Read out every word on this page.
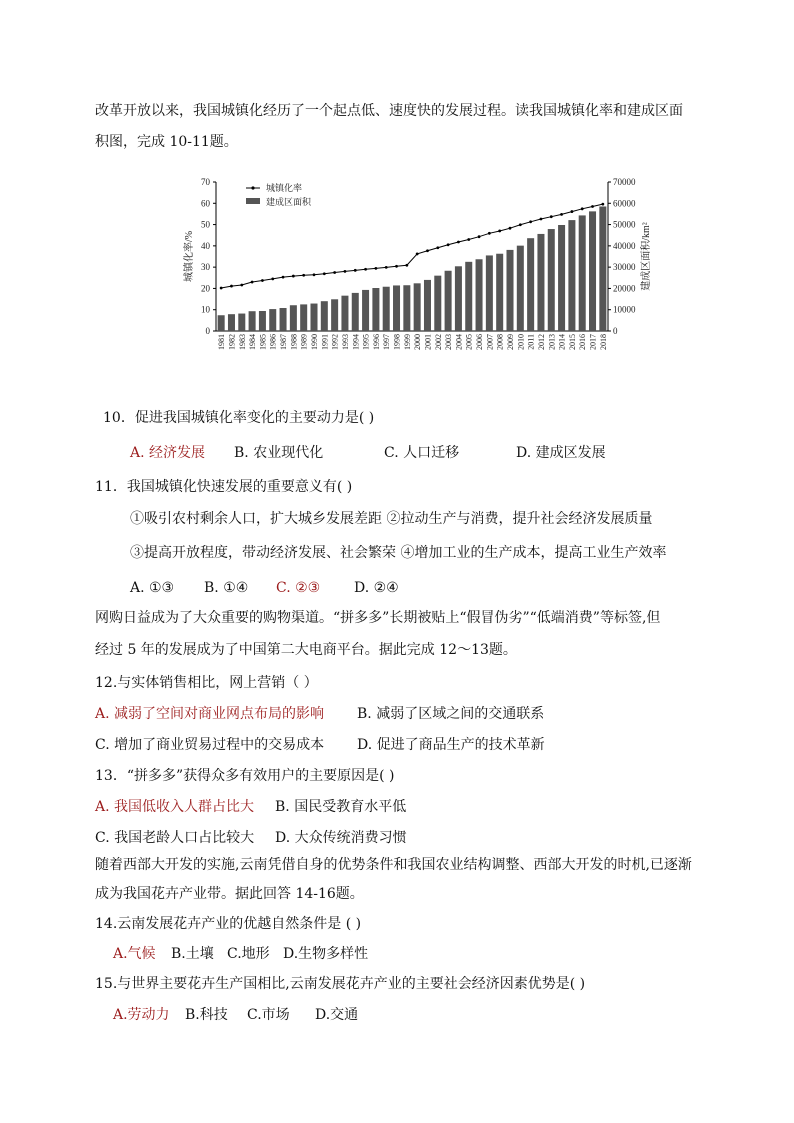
改革开放以来，我国城镇化经历了一个起点低、速度快的发展过程。读我国城镇化率和建成区面
积图，完成 10-11题。
0
10
20
30
40
50
60
70
0
10000
20000
30000
40000
50000
60000
70000
城镇化率/%	建成区面积/km²
1981 1982 1983 1984 1985 1986 1987 1988 1989 1990 1991 1992 1993 1994 1995 1996 1997 1998 1999 2000 2001 2002 2003 2004 2005 2006 2007 2008 2009 2010 2011 2012 2013 2014 2015 2016 2017 2018
城镇化率
建成区面积
10．促进我国城镇化率变化的主要动力是( )
A. 经济发展 B. 农业现代化	C. 人口迁移	D. 建成区发展
11．我国城镇化快速发展的重要意义有( )
①吸引农村剩余人口，扩大城乡发展差距 ②拉动生产与消费，提升社会经济发展质量
③提高开放程度，带动经济发展、社会繁荣 ④增加工业的生产成本，提高工业生产效率
A. ①③ B. ①④ C. ②③ D. ②④
网购日益成为了大众重要的购物渠道。“拼多多”长期被贴上“假冒伪劣”“低端消费”等标签,但
经过 5 年的发展成为了中国第二大电商平台。据此完成 12～13题。
12.与实体销售相比，网上营销（ ）
A. 减弱了空间对商业网点布局的影响 B. 减弱了区域之间的交通联系
C. 增加了商业贸易过程中的交易成本 D. 促进了商品生产的技术革新
13．“拼多多”获得众多有效用户的主要原因是( )
A. 我国低收入人群占比大 B. 国民受教育水平低
C. 我国老龄人口占比较大 D. 大众传统消费习惯
随着西部大开发的实施,云南凭借自身的优势条件和我国农业结构调整、西部大开发的时机,已逐渐
成为我国花卉产业带。据此回答 14-16题。
14.云南发展花卉产业的优越自然条件是 ( )
A.气候 B.土壤 C.地形 D.生物多样性
15.与世界主要花卉生产国相比,云南发展花卉产业的主要社会经济因素优势是( )
A.劳动力 B.科技 C.市场 D.交通
